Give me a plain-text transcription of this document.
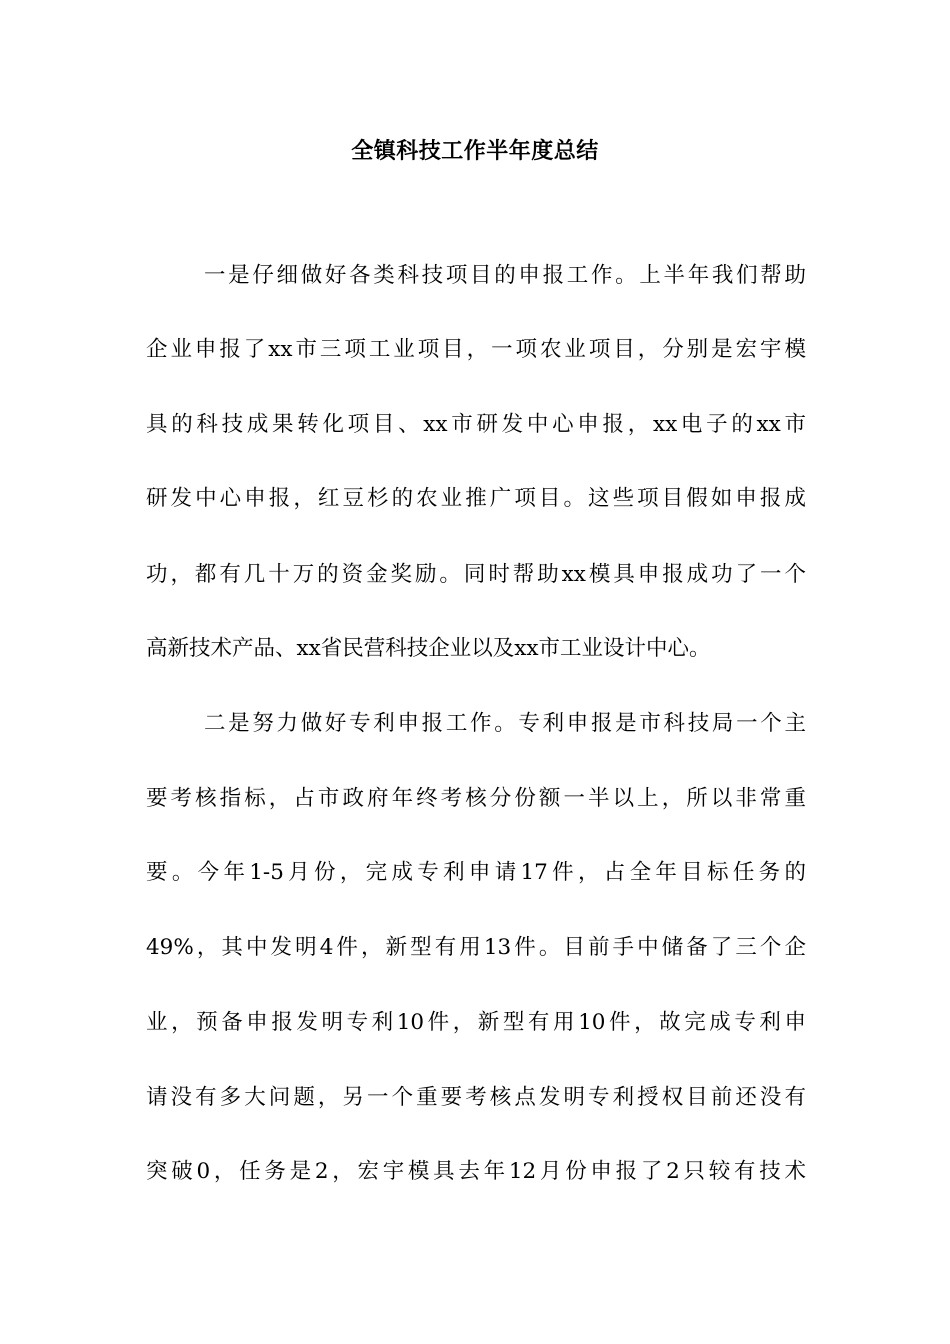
全镇科技工作半年度总结
一是仔细做好各类科技项目的申报工作。上半年我们帮助
企业申报了xx市三项工业项目，一项农业项目，分别是宏宇模
具的科技成果转化项目、xx市研发中心申报，xx电子的xx市
研发中心申报，红豆杉的农业推广项目。这些项目假如申报成
功，都有几十万的资金奖励。同时帮助xx模具申报成功了一个
高新技术产品、xx省民营科技企业以及xx市工业设计中心。
二是努力做好专利申报工作。专利申报是市科技局一个主
要考核指标，占市政府年终考核分份额一半以上，所以非常重
要。今年1-5月份，完成专利申请17件，占全年目标任务的
49%，其中发明4件，新型有用13件。目前手中储备了三个企
业，预备申报发明专利10件，新型有用10件，故完成专利申
请没有多大问题，另一个重要考核点发明专利授权目前还没有
突破0，任务是2，宏宇模具去年12月份申报了2只较有技术
